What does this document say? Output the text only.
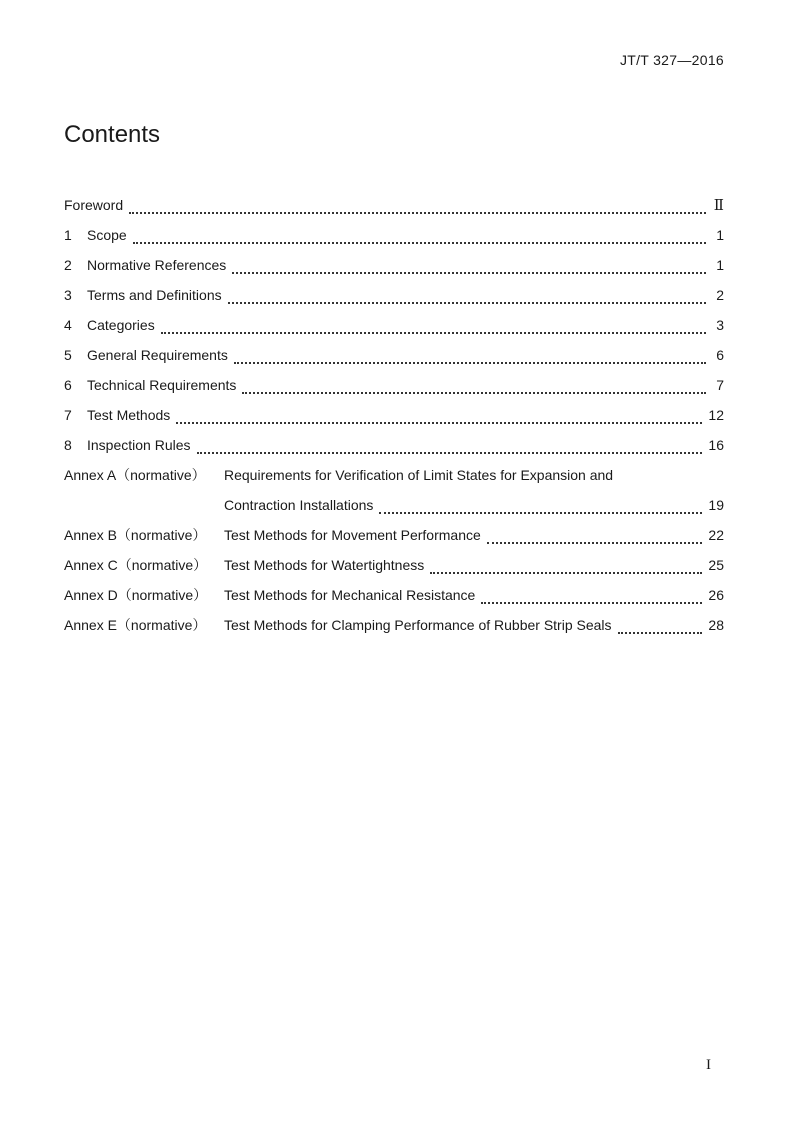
JT/T 327—2016
Contents
Foreword	Ⅱ
1	Scope	1
2	Normative References	1
3	Terms and Definitions	2
4	Categories	3
5	General Requirements	6
6	Technical Requirements	7
7	Test Methods	12
8	Inspection Rules	16
Annex A（normative）	Requirements for Verification of Limit States for Expansion and
Contraction Installations	19
Annex B（normative）	Test Methods for Movement Performance	22
Annex C（normative）	Test Methods for Watertightness	25
Annex D（normative）	Test Methods for Mechanical Resistance	26
Annex E（normative）	Test Methods for Clamping Performance of Rubber Strip Seals	28
I
